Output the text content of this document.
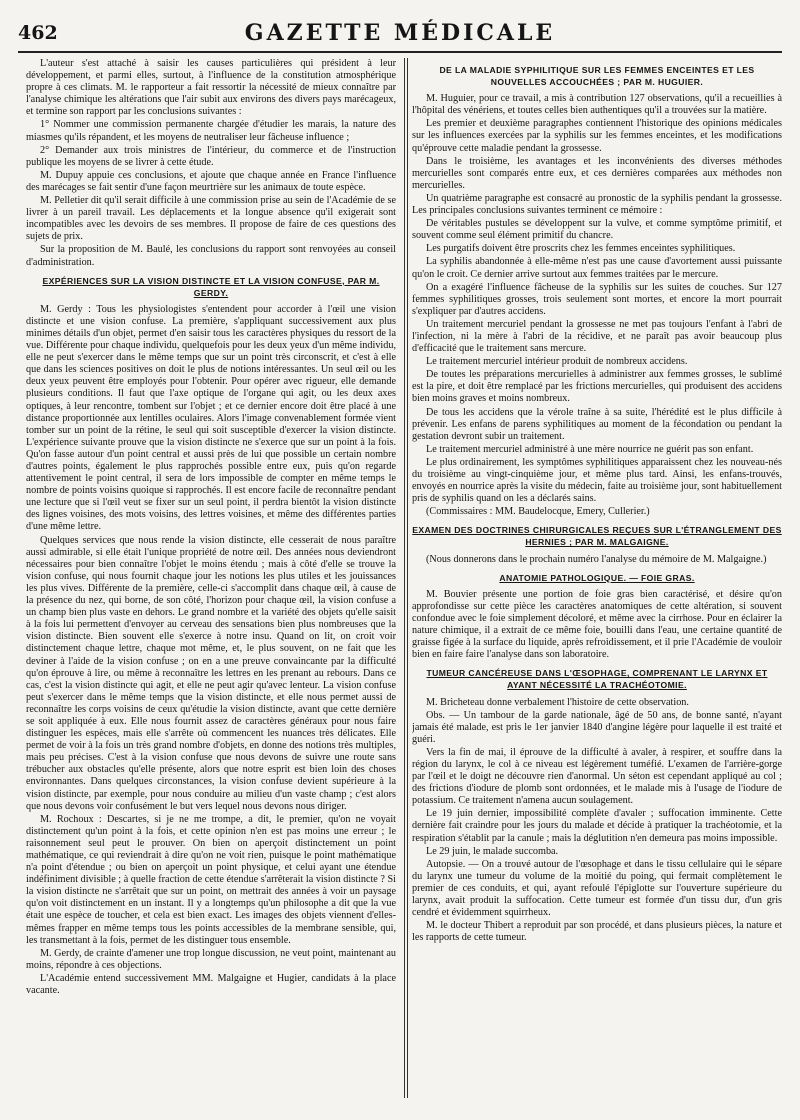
462	GAZETTE MÉDICALE

L'auteur s'est attaché à saisir les causes particulières qui président à leur développement, et parmi elles, surtout, à l'influence de la constitution atmosphérique propre à ces climats. M. le rapporteur a fait ressortir la nécessité de mieux connaître par l'analyse chimique les altérations que l'air subit aux environs des divers pays marécageux, et termine son rapport par les conclusions suivantes :

1° Nommer une commission permanente chargée d'étudier les marais, la nature des miasmes qu'ils répandent, et les moyens de neutraliser leur fâcheuse influence ;

2° Demander aux trois ministres de l'intérieur, du commerce et de l'instruction publique les moyens de se livrer à cette étude.

M. Dupuy appuie ces conclusions, et ajoute que chaque année en France l'influence des marécages se fait sentir d'une façon meurtrière sur les animaux de toute espèce.

M. Pelletier dit qu'il serait difficile à une commission prise au sein de l'Académie de se livrer à un pareil travail. Les déplacements et la longue absence qu'il exigerait sont incompatibles avec les devoirs de ses membres. Il propose de faire de ces questions des sujets de prix.

Sur la proposition de M. Baulé, les conclusions du rapport sont renvoyées au conseil d'administration.

EXPÉRIENCES SUR LA VISION DISTINCTE ET LA VISION CONFUSE, PAR M. GERDY.

M. Gerdy : Tous les physiologistes s'entendent pour accorder à l'œil une vision distincte et une vision confuse. La première, s'appliquant successivement aux plus minimes détails d'un objet, permet d'en saisir tous les caractères physiques du ressort de la vue. Différente pour chaque individu, quelquefois pour les deux yeux d'un même individu, elle ne peut s'exercer dans le même temps que sur un point très circonscrit, et c'est à elle que dans les sciences positives on doit le plus de notions intéressantes. Un seul œil ou les deux yeux peuvent être employés pour l'obtenir. Pour opérer avec rigueur, elle demande plusieurs conditions. Il faut que l'axe optique de l'organe qui agit, ou les deux axes optiques, à leur rencontre, tombent sur l'objet ; et ce dernier encore doit être placé à une distance proportionnée aux lentilles oculaires. Alors l'image convenablement formée vient tomber sur un point de la rétine, le seul qui soit susceptible d'exercer la vision distincte. L'expérience suivante prouve que la vision distincte ne s'exerce que sur un point à la fois. Qu'on fasse autour d'un point central et aussi près de lui que possible un certain nombre d'autres points, également le plus rapprochés possible entre eux, puis qu'on regarde attentivement le point central, il sera de lors impossible de compter en même temps le nombre de points voisins quoique si rapprochés. Il est encore facile de reconnaître pendant une lecture que si l'œil veut se fixer sur un seul point, il perdra bientôt la vision distincte des lignes voisines, des mots voisins, des lettres voisines, et même des différentes parties d'une même lettre.

Quelques services que nous rende la vision distincte, elle cesserait de nous paraître aussi admirable, si elle était l'unique propriété de notre œil. Des années nous deviendront nécessaires pour bien connaître l'objet le moins étendu ; mais à côté d'elle se trouve la vision confuse, qui nous fournit chaque jour les notions les plus utiles et les jouissances les plus vives. Différente de la première, celle-ci s'accomplit dans chaque œil, à cause de la présence du nez, qui borne, de son côté, l'horizon pour chaque œil, la vision confuse a un champ bien plus vaste en dehors. Le grand nombre et la variété des objets qu'elle saisit à la fois lui permettent d'envoyer au cerveau des sensations bien plus nombreuses que la vision distincte. Bien souvent elle s'exerce à notre insu. Quand on lit, on croit voir distinctement chaque lettre, chaque mot même, et, le plus souvent, on ne fait que les deviner à l'aide de la vision confuse ; on en a une preuve convaincante par la difficulté qu'on éprouve à lire, ou même à reconnaître les lettres en les prenant au rebours. Dans ce cas, c'est la vision distincte qui agit, et elle ne peut agir qu'avec lenteur. La vision confuse peut s'exercer dans le même temps que la vision distincte, et elle nous permet aussi de reconnaître les corps voisins de ceux qu'étudie la vision distincte, avant que cette dernière se soit appliquée à eux. Elle nous fournit assez de caractères généraux pour nous faire distinguer les espèces, mais elle s'arrête où commencent les nuances très délicates. Elle permet de voir à la fois un très grand nombre d'objets, en donne des notions très multiples, mais peu précises. C'est à la vision confuse que nous devons de suivre une route sans trébucher aux obstacles qu'elle présente, alors que notre esprit est bien loin des choses environnantes. Dans quelques circonstances, la vision confuse devient supérieure à la vision distincte, par exemple, pour nous conduire au milieu d'un vaste champ ; c'est alors que nous devons voir confusément le but vers lequel nous devons nous diriger.

M. Rochoux : Descartes, si je ne me trompe, a dit, le premier, qu'on ne voyait distinctement qu'un point à la fois, et cette opinion n'en est pas moins une erreur ; le raisonnement seul peut le prouver. On bien on aperçoit distinctement un point mathématique, ce qui reviendrait à dire qu'on ne voit rien, puisque le point mathématique n'a point d'étendue ; ou bien on aperçoit un point physique, et celui ayant une étendue indéfiniment divisible ; à quelle fraction de cette étendue s'arrêterait la vision distincte ? Si la vision distincte ne s'arrêtait que sur un point, on mettrait des années à voir un paysage qu'on voit distinctement en un instant. Il y a longtemps qu'un philosophe a dit que la vue était une espèce de toucher, et cela est bien exact. Les images des objets viennent d'elles-mêmes frapper en même temps tous les points accessibles de la membrane sensible, qui, les transmettant à la fois, permet de les distinguer tous ensemble.

M. Gerdy, de crainte d'amener une trop longue discussion, ne veut point, maintenant au moins, répondre à ces objections.

L'Académie entend successivement MM. Malgaigne et Hugier, candidats à la place vacante.

DE LA MALADIE SYPHILITIQUE SUR LES FEMMES ENCEINTES ET LES NOUVELLES ACCOUCHÉES ; PAR M. HUGUIER.

M. Huguier, pour ce travail, a mis à contribution 127 observations, qu'il a recueillies à l'hôpital des vénériens, et toutes celles bien authentiques qu'il a trouvées sur la matière.

Les premier et deuxième paragraphes contiennent l'historique des opinions médicales sur les influences exercées par la syphilis sur les femmes enceintes, et les modifications qu'éprouve cette maladie pendant la grossesse.

Dans le troisième, les avantages et les inconvénients des diverses méthodes mercurielles sont comparés entre eux, et ces dernières comparées aux méthodes non mercurielles.

Un quatrième paragraphe est consacré au pronostic de la syphilis pendant la grossesse. Les principales conclusions suivantes terminent ce mémoire :

De véritables pustules se développent sur la vulve, et comme symptôme primitif, et souvent comme seul élément primitif du chancre.

Les purgatifs doivent être proscrits chez les femmes enceintes syphilitiques.

La syphilis abandonnée à elle-même n'est pas une cause d'avortement aussi puissante qu'on le croit. Ce dernier arrive surtout aux femmes traitées par le mercure.

On a exagéré l'influence fâcheuse de la syphilis sur les suites de couches. Sur 127 femmes syphilitiques grosses, trois seulement sont mortes, et encore la mort pourrait s'expliquer par d'autres accidens.

Un traitement mercuriel pendant la grossesse ne met pas toujours l'enfant à l'abri de l'infection, ni la mère à l'abri de la récidive, et ne paraît pas avoir beaucoup plus d'efficacité que le traitement sans mercure.

Le traitement mercuriel intérieur produit de nombreux accidens.

De toutes les préparations mercurielles à administrer aux femmes grosses, le sublimé est la pire, et doit être remplacé par les frictions mercurielles, qui produisent des accidens bien moins graves et moins nombreux.

De tous les accidens que la vérole traîne à sa suite, l'hérédité est le plus difficile à prévenir. Les enfans de parens syphilitiques au moment de la fécondation ou pendant la gestation devront subir un traitement.

Le traitement mercuriel administré à une mère nourrice ne guérit pas son enfant.

Le plus ordinairement, les symptômes syphilitiques apparaissent chez les nouveau-nés du troisième au vingt-cinquième jour, et même plus tard. Ainsi, les enfans-trouvés, envoyés en nourrice après la visite du médecin, faite au troisième jour, sont habituellement pris de syphilis quand on les a déclarés sains.

(Commissaires : MM. Baudelocque, Emery, Cullerier.)

EXAMEN DES DOCTRINES CHIRURGICALES REÇUES SUR L'ÉTRANGLEMENT DES HERNIES ; PAR M. MALGAIGNE.

(Nous donnerons dans le prochain numéro l'analyse du mémoire de M. Malgaigne.)

ANATOMIE PATHOLOGIQUE. — FOIE GRAS.

M. Bouvier présente une portion de foie gras bien caractérisé, et désire qu'on approfondisse sur cette pièce les caractères anatomiques de cette altération, si souvent confondue avec le foie simplement décoloré, et même avec la cirrhose. Pour en éclairer la nature chimique, il a extrait de ce même foie, bouilli dans l'eau, une certaine quantité de graisse figée à la surface du liquide, après refroidissement, et il prie l'Académie de vouloir bien en faire faire l'analyse dans son laboratoire.

TUMEUR CANCÉREUSE DANS L'ŒSOPHAGE, COMPRENANT LE LARYNX ET AYANT NÉCESSITÉ LA TRACHÉOTOMIE.

M. Bricheteau donne verbalement l'histoire de cette observation.

Obs. — Un tambour de la garde nationale, âgé de 50 ans, de bonne santé, n'ayant jamais été malade, est pris le 1er janvier 1840 d'angine légère pour laquelle il est traité et guéri.

Vers la fin de mai, il éprouve de la difficulté à avaler, à respirer, et souffre dans la région du larynx, le col à ce niveau est légèrement tuméfié. L'examen de l'arrière-gorge par l'œil et le doigt ne découvre rien d'anormal. Un séton est cependant appliqué au col ; des frictions d'iodure de plomb sont ordonnées, et le malade mis à l'usage de l'iodure de potassium. Ce traitement n'amena aucun soulagement.

Le 19 juin dernier, impossibilité complète d'avaler ; suffocation imminente. Cette dernière fait craindre pour les jours du malade et décide à pratiquer la trachéotomie, et la respiration s'établit par la canule ; mais la déglutition n'en demeura pas moins impossible.

Le 29 juin, le malade succomba.

Autopsie. — On a trouvé autour de l'œsophage et dans le tissu cellulaire qui le sépare du larynx une tumeur du volume de la moitié du poing, qui fermait complètement le premier de ces conduits, et qui, ayant refoulé l'épiglotte sur l'ouverture supérieure du larynx, avait produit la suffocation. Cette tumeur est formée d'un tissu dur, d'un gris cendré et évidemment squirrheux.

M. le docteur Thibert a reproduit par son procédé, et dans plusieurs pièces, la nature et les rapports de cette tumeur.
